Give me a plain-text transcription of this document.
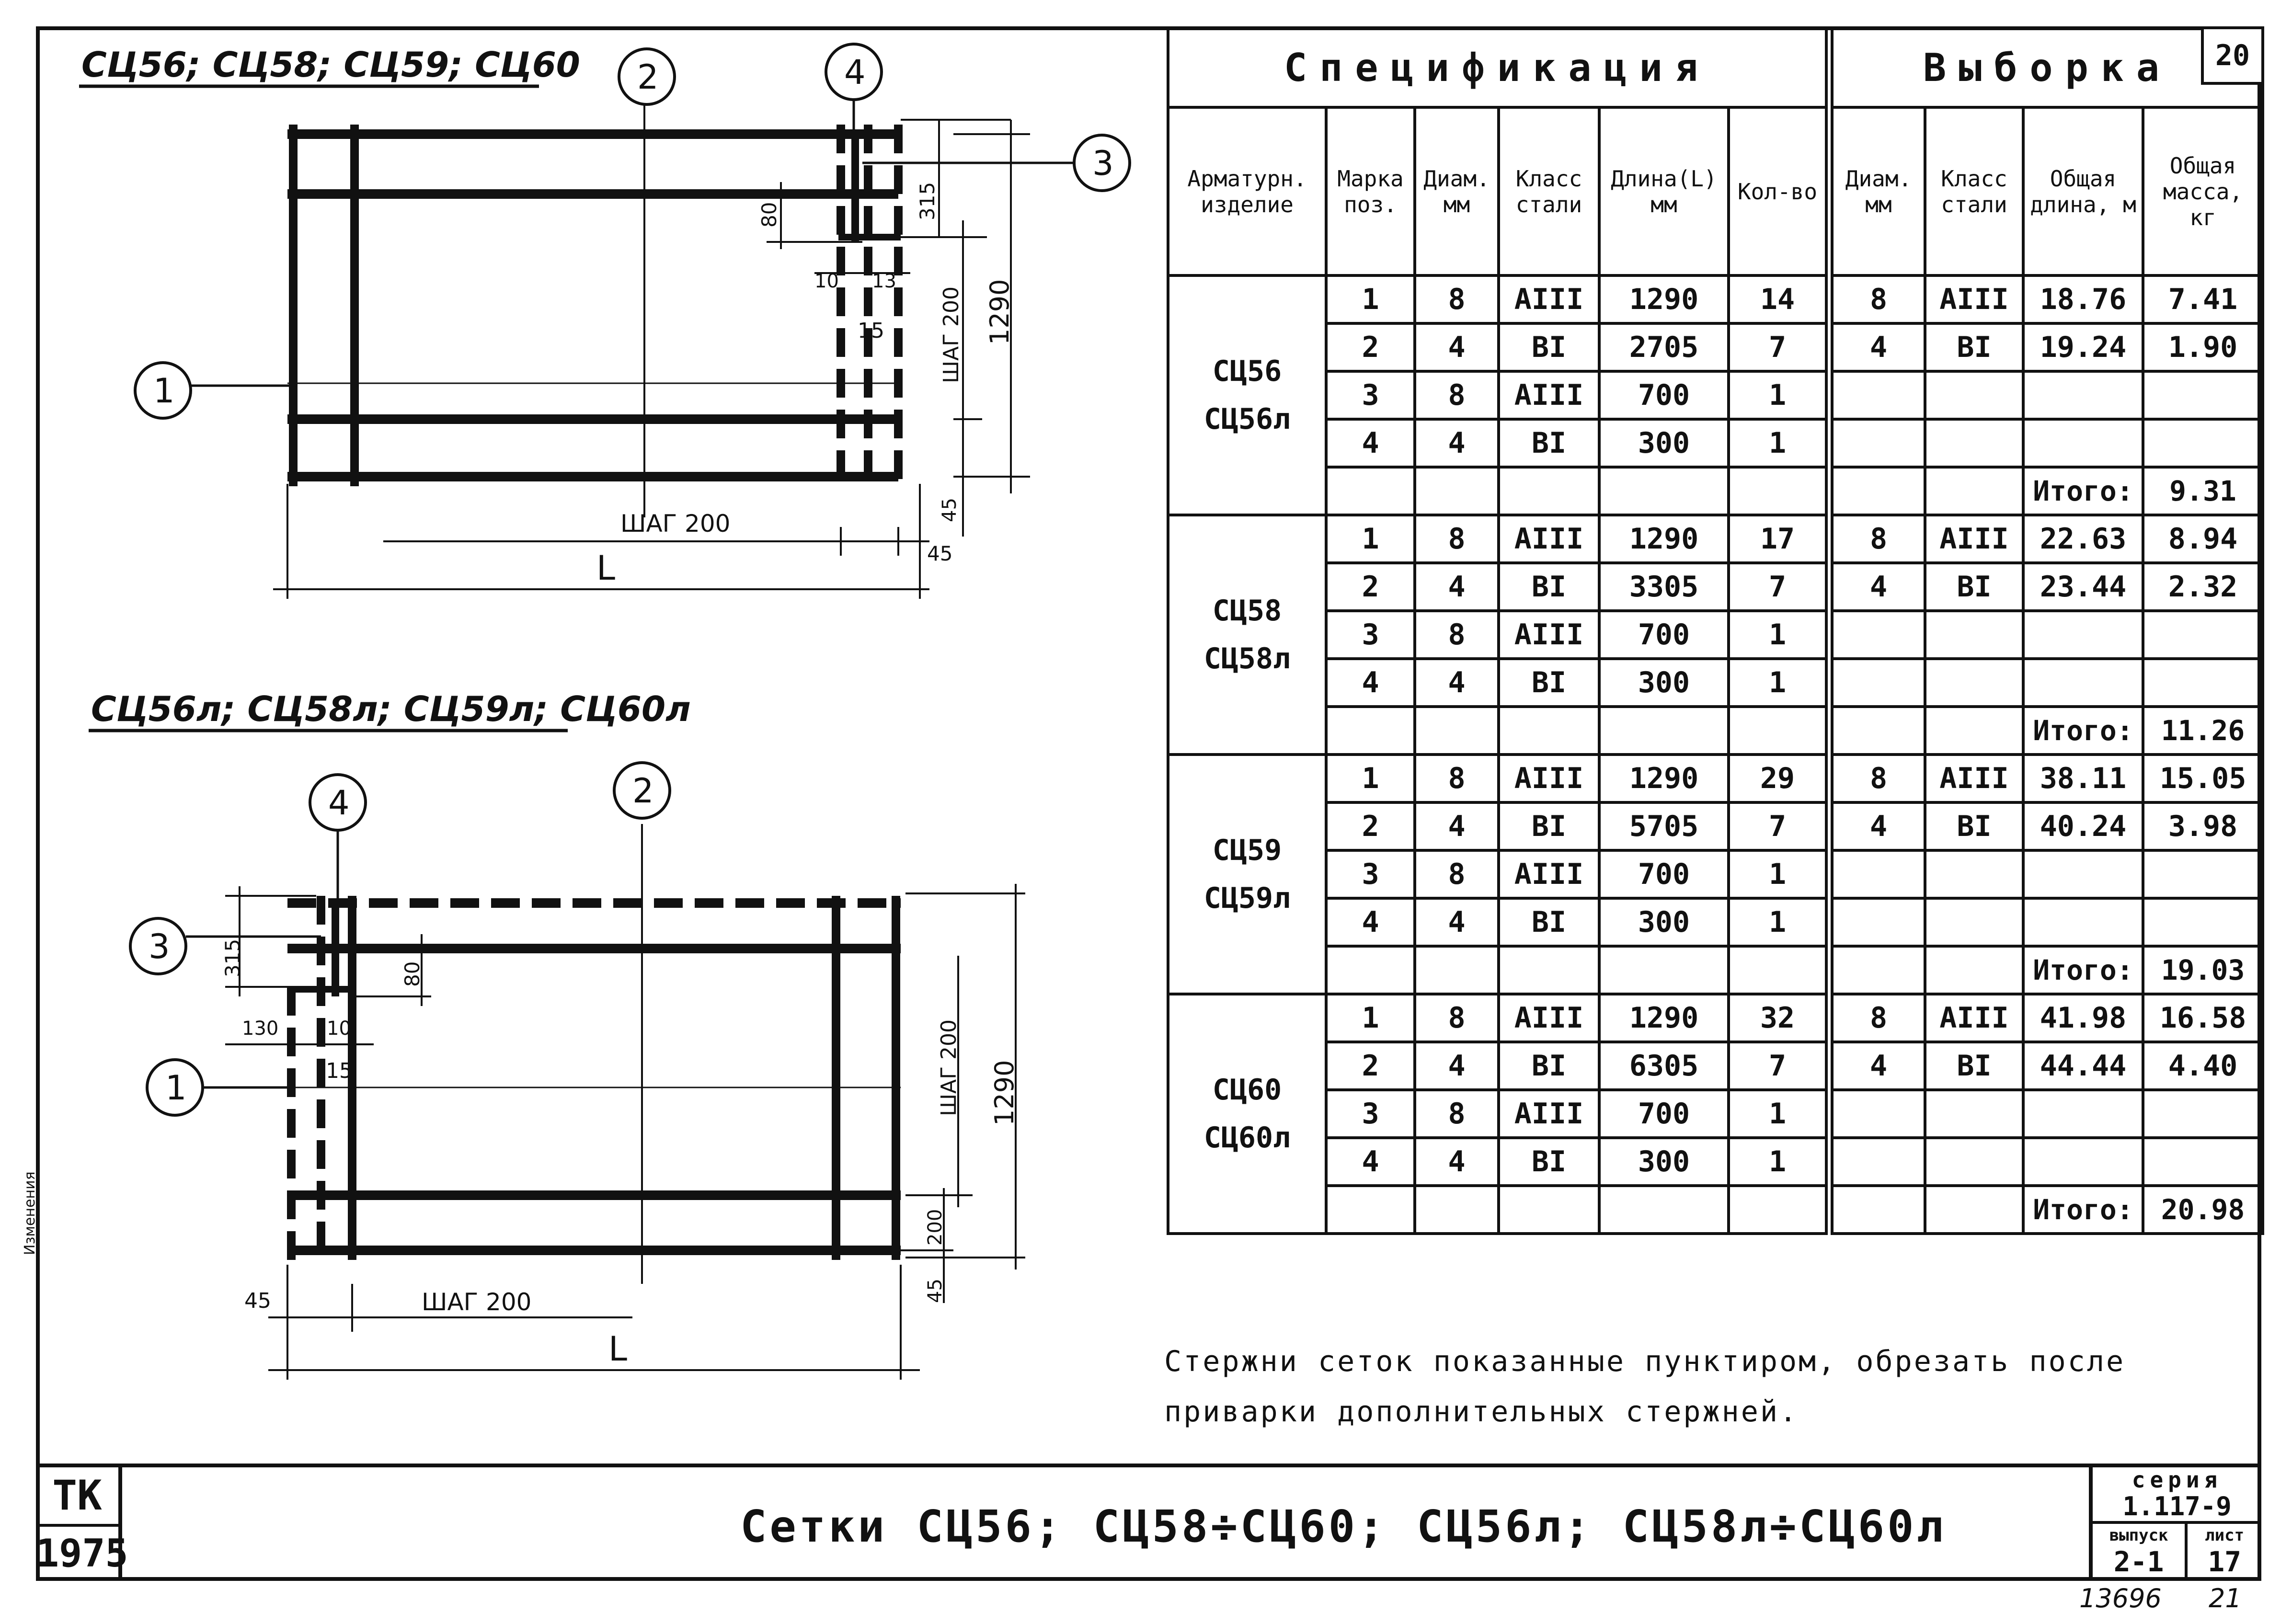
Изменения
СЦ56; СЦ58; СЦ59; СЦ60 2	4
3
1
315
80
10 13
15	ШАГ 200 1290
45
45
ШАГ 200
L
СЦ56л; СЦ58л; СЦ59л; СЦ60л
4	2
3
1
315	80
130	10
15	ШАГ 200 1290
200
45
45	ШАГ 200
L
Спецификация						Выборка 20			

Арматурн. изделие	Марка поз.	Диам. мм	Класс стали	Длина(L) мм	Кол-во	Диам. мм	Класс стали	Общая длина, м	Общая масса, кг

СЦ56
СЦ56л	1	8	АIII	1290	14	8	АIII	18.76	7.41
	2	4	ВI	2705	7	4	ВI	19.24	1.90
	3	8	АIII	700	1				
	4	4	ВI	300	1				
								Итого:	9.31

СЦ58
СЦ58л	1	8	АIII	1290	17	8	АIII	22.63	8.94
	2	4	ВI	3305	7	4	ВI	23.44	2.32
	3	8	АIII	700	1				
	4	4	ВI	300	1				
								Итого:	11.26

СЦ59
СЦ59л	1	8	АIII	1290	29	8	АIII	38.11	15.05
	2	4	ВI	5705	7	4	ВI	40.24	3.98
	3	8	АIII	700	1				
	4	4	ВI	300	1				
								Итого:	19.03

СЦ60
СЦ60л	1	8	АIII	1290	32	8	АIII	41.98	16.58
	2	4	ВI	6305	7	4	ВI	44.44	4.40
	3	8	АIII	700	1				
	4	4	ВI	300	1				
								Итого:	20.98
Стержни сеток показанные пунктиром, обрезать после
приварки дополнительных стержней.
ТК
1975
Сетки СЦ56; СЦ58÷СЦ60; СЦ56л; СЦ58л÷СЦ60л
серия
1.117-9
выпуск
2-1
лист
17
13696 21
